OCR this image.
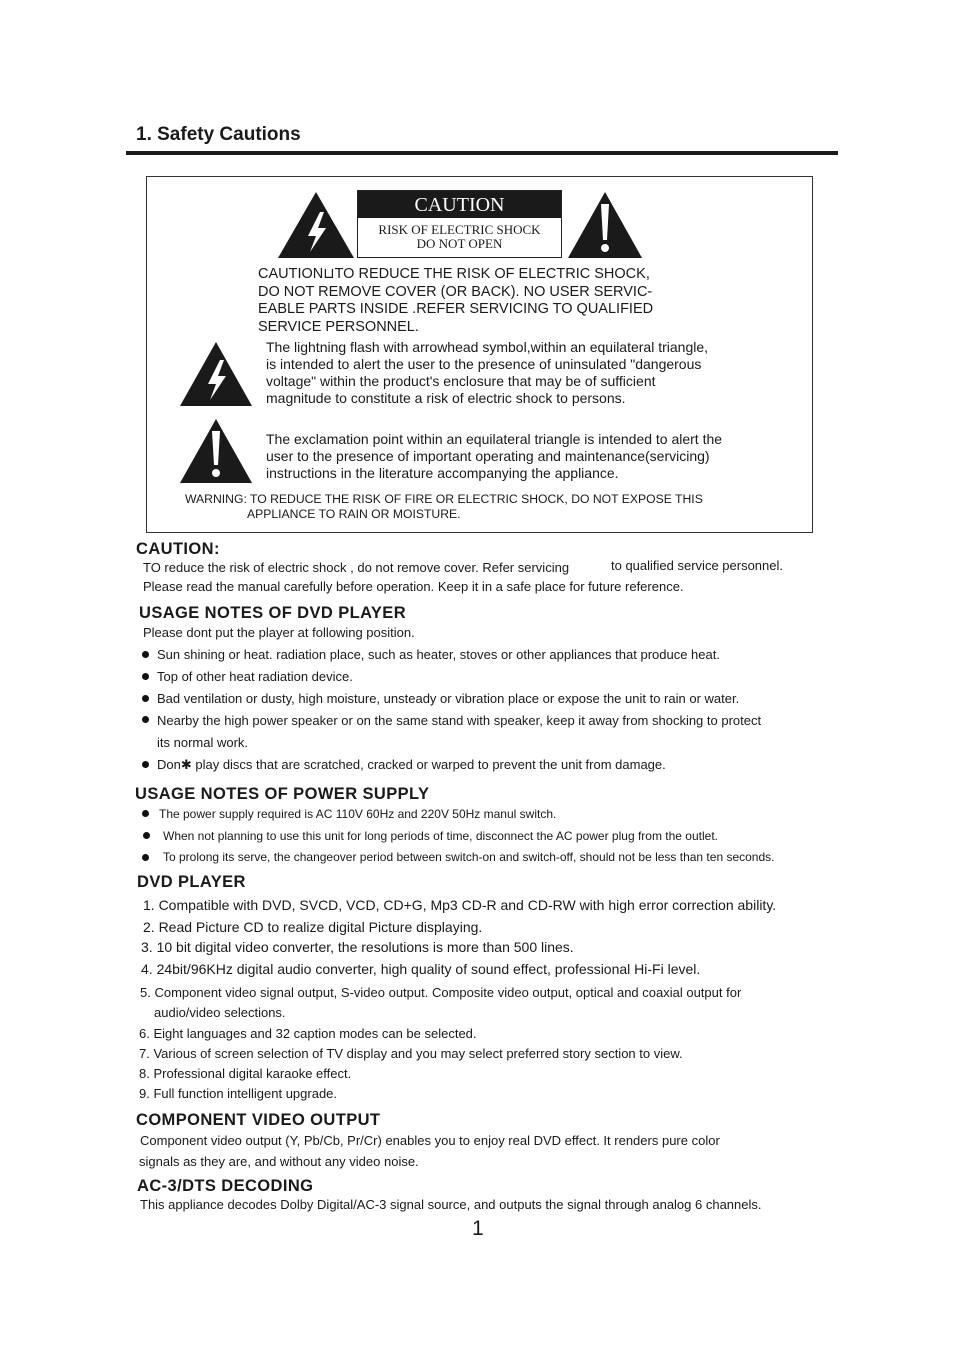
1. Safety Cautions
CAUTION
RISK OF ELECTRIC SHOCK
DO NOT OPEN
CAUTION⊔TO REDUCE THE RISK OF ELECTRIC SHOCK,
DO NOT REMOVE COVER (OR BACK). NO USER SERVIC-
EABLE PARTS INSIDE .REFER SERVICING TO QUALIFIED
SERVICE PERSONNEL.
The lightning flash with arrowhead symbol,within an equilateral triangle,
is intended to alert the user to the presence of uninsulated "dangerous
voltage" within the product's enclosure that may be of sufficient
magnitude to constitute a risk of electric shock to persons.
The exclamation point within an equilateral triangle is intended to alert the
user to the presence of important operating and maintenance(servicing)
instructions in the literature accompanying the appliance.
WARNING: TO REDUCE THE RISK OF FIRE OR ELECTRIC SHOCK, DO NOT EXPOSE THIS
APPLIANCE TO RAIN OR MOISTURE.
CAUTION:
TO reduce the risk of electric shock , do not remove cover. Refer servicing	to qualified service personnel.
Please read the manual carefully before operation. Keep it in a safe place for future reference.
USAGE NOTES OF DVD PLAYER
Please dont put the player at following position.
Sun shining or heat. radiation place, such as heater, stoves or other appliances that produce heat.
Top of other heat radiation device.
Bad ventilation or dusty, high moisture, unsteady or vibration place or expose the unit to rain or water.
Nearby the high power speaker or on the same stand with speaker, keep it away from shocking to protect
its normal work.
Don✱ play discs that are scratched, cracked or warped to prevent the unit from damage.
USAGE NOTES OF POWER SUPPLY
The power supply required is AC 110V 60Hz and 220V 50Hz manul switch.
When not planning to use this unit for long periods of time, disconnect the AC power plug from the outlet.
To prolong its serve, the changeover period between switch-on and switch-off, should not be less than ten seconds.
DVD PLAYER
1. Compatible with DVD, SVCD, VCD, CD+G, Mp3 CD-R and CD-RW with high error correction ability.
2. Read Picture CD to realize digital Picture displaying.
3. 10 bit digital video converter, the resolutions is more than 500 lines.
4. 24bit/96KHz digital audio converter, high quality of sound effect, professional Hi-Fi level.
5. Component video signal output, S-video output. Composite video output, optical and coaxial output for
audio/video selections.
6. Eight languages and 32 caption modes can be selected.
7. Various of screen selection of TV display and you may select preferred story section to view.
8. Professional digital karaoke effect.
9. Full function intelligent upgrade.
COMPONENT VIDEO OUTPUT
Component video output (Y, Pb/Cb, Pr/Cr) enables you to enjoy real DVD effect. It renders pure color
signals as they are, and without any video noise.
AC-3/DTS DECODING
This appliance decodes Dolby Digital/AC-3 signal source, and outputs the signal through analog 6 channels.
1
